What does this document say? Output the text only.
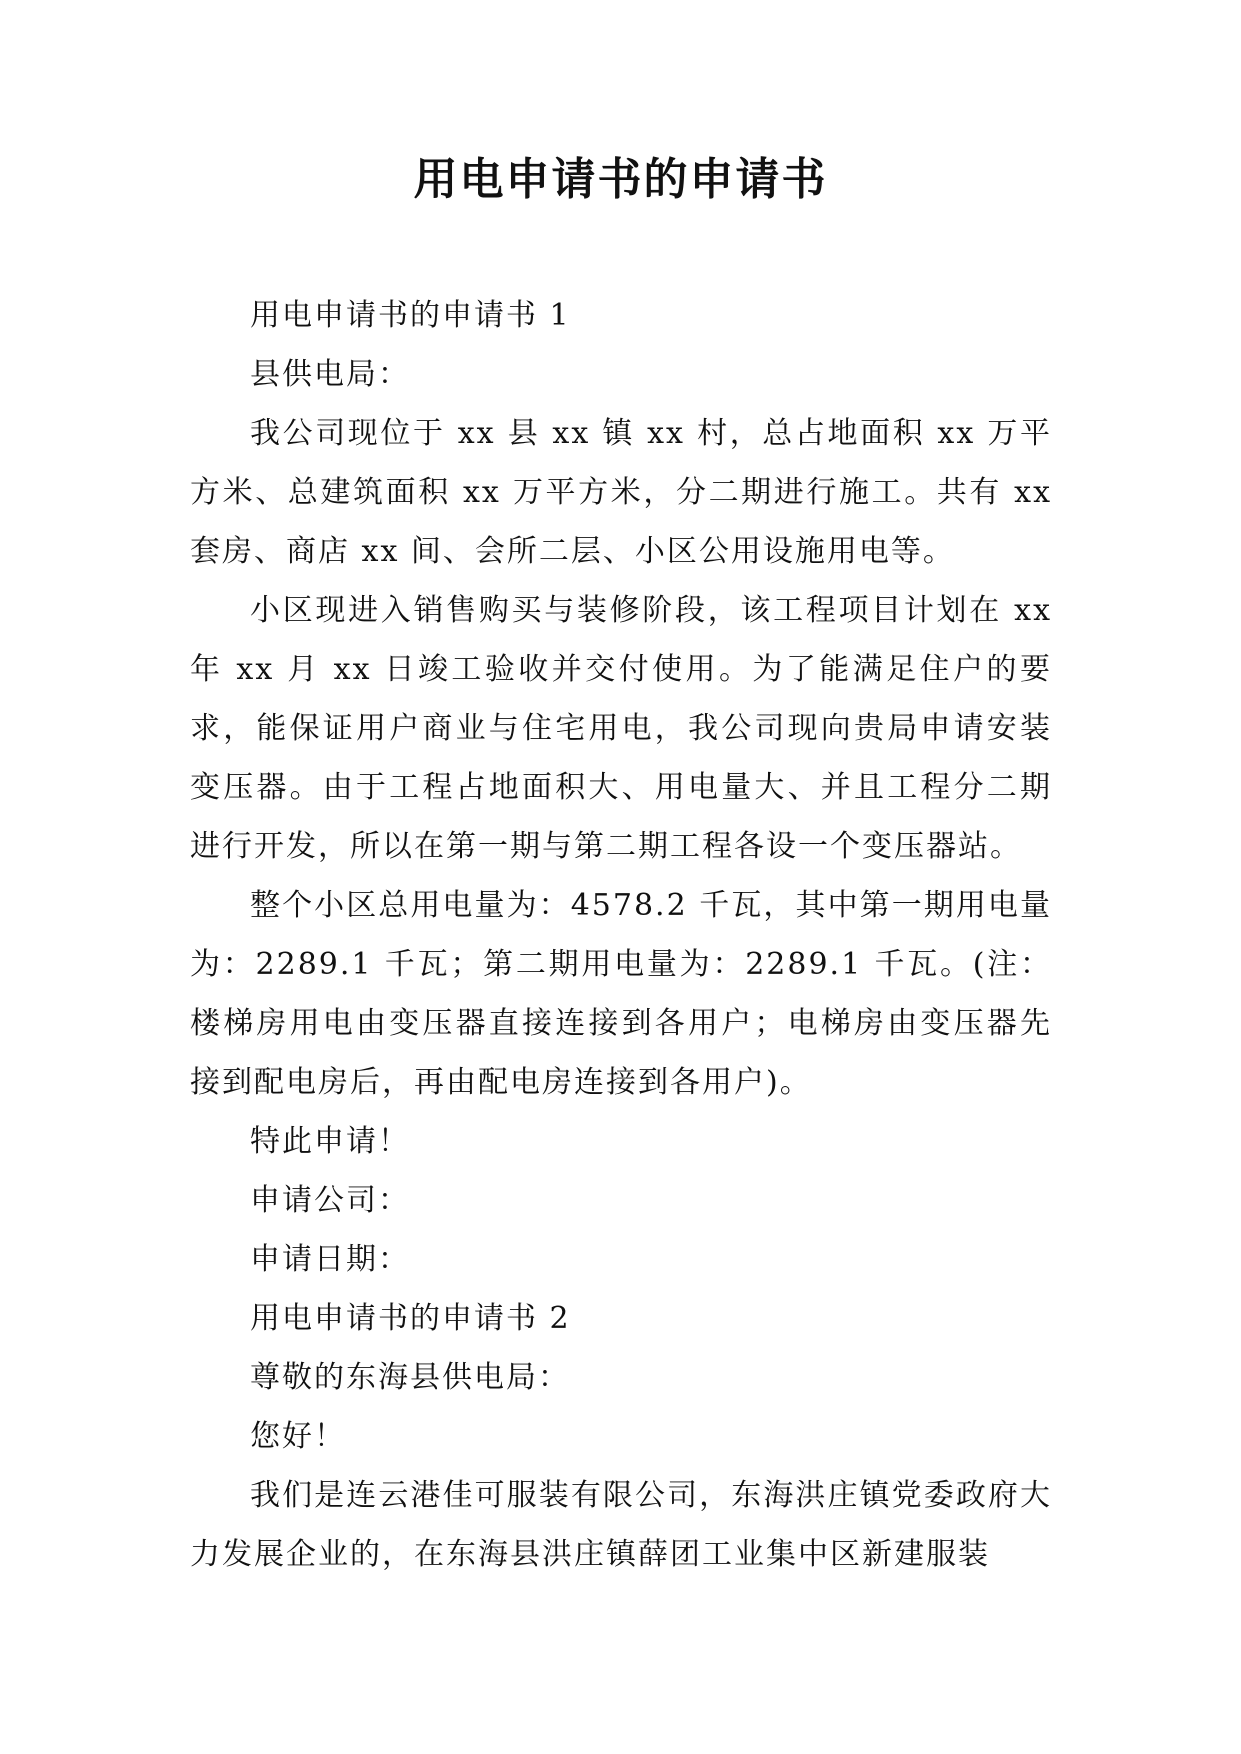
用电申请书的申请书

用电申请书的申请书 1

县供电局：

我公司现位于 xx 县 xx 镇 xx 村，总占地面积 xx 万平方米、总建筑面积 xx 万平方米，分二期进行施工。共有 xx 套房、商店 xx 间、会所二层、小区公用设施用电等。

小区现进入销售购买与装修阶段，该工程项目计划在 xx 年 xx 月 xx 日竣工验收并交付使用。为了能满足住户的要求，能保证用户商业与住宅用电，我公司现向贵局申请安装变压器。由于工程占地面积大、用电量大、并且工程分二期进行开发，所以在第一期与第二期工程各设一个变压器站。

整个小区总用电量为：4578.2 千瓦，其中第一期用电量为：2289.1 千瓦；第二期用电量为：2289.1 千瓦。(注：楼梯房用电由变压器直接连接到各用户；电梯房由变压器先接到配电房后，再由配电房连接到各用户)。

特此申请！

申请公司：

申请日期：

用电申请书的申请书 2

尊敬的东海县供电局：

您好！

我们是连云港佳可服装有限公司，东海洪庄镇党委政府大力发展企业的，在东海县洪庄镇薛团工业集中区新建服装
